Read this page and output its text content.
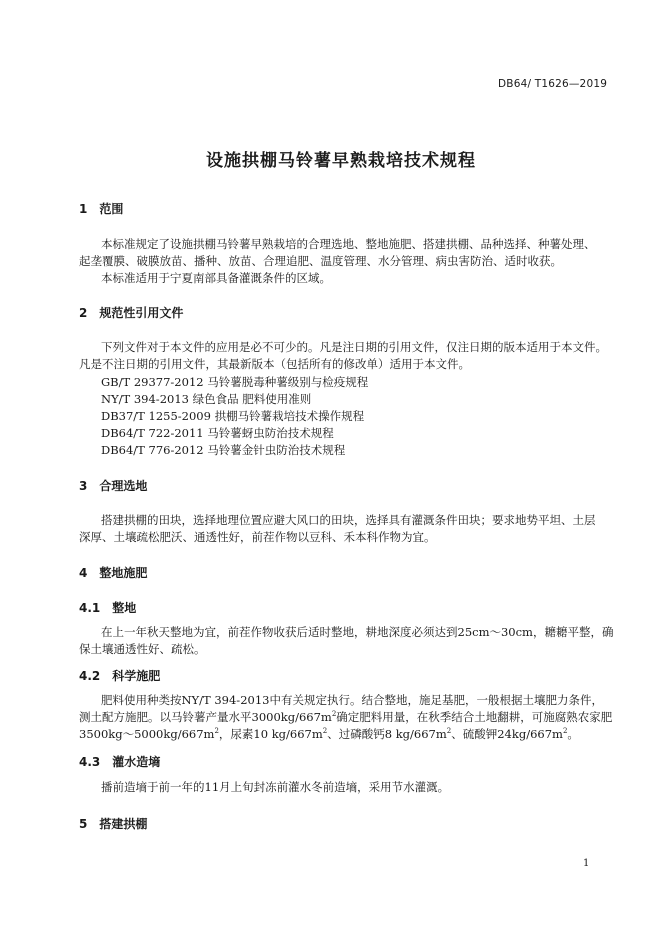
DB64/ T1626—2019
设施拱棚马铃薯早熟栽培技术规程
1　范围
本标准规定了设施拱棚马铃薯早熟栽培的合理选地、整地施肥、搭建拱棚、品种选择、种薯处理、
起垄覆膜、破膜放苗、播种、放苗、合理追肥、温度管理、水分管理、病虫害防治、适时收获。
本标准适用于宁夏南部具备灌溉条件的区域。
2　规范性引用文件
下列文件对于本文件的应用是必不可少的。凡是注日期的引用文件，仅注日期的版本适用于本文件。
凡是不注日期的引用文件，其最新版本（包括所有的修改单）适用于本文件。
GB/T 29377-2012 马铃薯脱毒种薯级别与检疫规程
NY/T 394-2013 绿色食品 肥料使用准则
DB37/T 1255-2009 拱棚马铃薯栽培技术操作规程
DB64/T 722-2011 马铃薯蚜虫防治技术规程
DB64/T 776-2012 马铃薯金针虫防治技术规程
3　合理选地
搭建拱棚的田块，选择地理位置应避大风口的田块，选择具有灌溉条件田块；要求地势平坦、土层
深厚、土壤疏松肥沃、通透性好，前茬作物以豆科、禾本科作物为宜。
4　整地施肥
4.1　整地
在上一年秋天整地为宜，前茬作物收获后适时整地，耕地深度必须达到25cm～30cm，耱耱平整，确
保土壤通透性好、疏松。
4.2　科学施肥
肥料使用种类按NY/T 394-2013中有关规定执行。结合整地，施足基肥，一般根据土壤肥力条件，
测土配方施肥。以马铃薯产量水平$3000kg/667m^2$确定肥料用量，在秋季结合土地翻耕，可施腐熟农家肥
$3500kg\sim 5000kg/667m^2$，尿素10 $kg/667m^2$、过磷酸钙8 $kg/667m^2$、硫酸钾$24kg/667m^2$。
4.3　灌水造墒
播前造墒于前一年的11月上旬封冻前灌水冬前造墒，采用节水灌溉。
5　搭建拱棚
1
